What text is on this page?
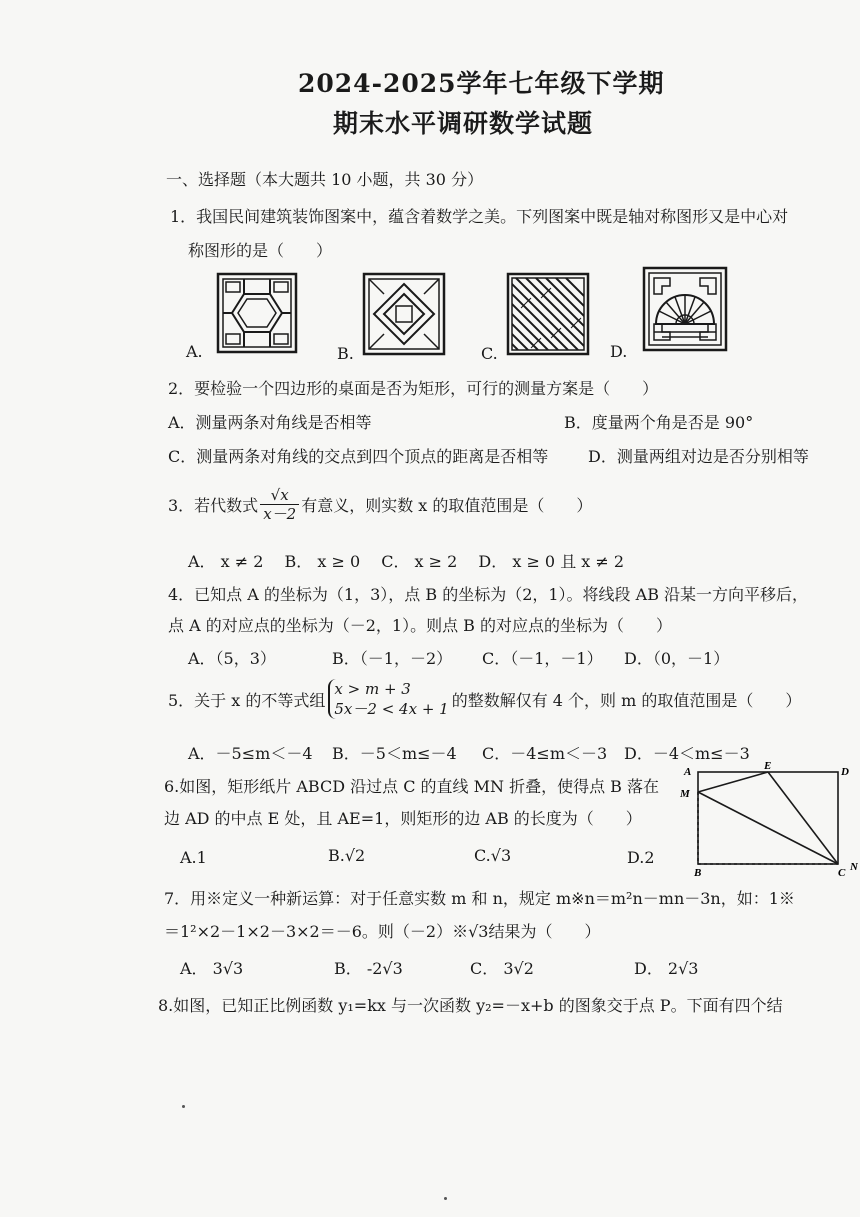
2024-2025学年七年级下学期
期末水平调研数学试题
一、选择题（本大题共 10 小题，共 30 分）
1．我国民间建筑装饰图案中，蕴含着数学之美。下列图案中既是轴对称图形又是中心对
称图形的是（　　）
A.	B.	C.	D.
2．要检验一个四边形的桌面是否为矩形，可行的测量方案是（　　）
A．测量两条对角线是否相等	B．度量两个角是否是 90°
C．测量两条对角线的交点到四个顶点的距离是否相等 D．测量两组对边是否分别相等
3．若代数式 $\frac{√x}{x-2}$ 有意义，则实数 x 的取值范围是（　　）
A． x ≠ 2　 B． x ≥ 0　 C． x ≥ 2　 D． x ≥ 0 且 x ≠ 2
4．已知点 A 的坐标为（1，3），点 B 的坐标为（2，1）。将线段 AB 沿某一方向平移后，
点 A 的对应点的坐标为（－2，1）。则点 B 的对应点的坐标为（　　）
A．（5，3）	B．（－1，－2） C．（－1，－1） D．（0，－1）
5．关于 x 的不等式组
x > m + 3
5x－2 < 4x + 1 的整数解仅有 4 个，则 m 的取值范围是（　　）
A．－5≤m＜－4 B．－5＜m≤－4 C．－4≤m＜－3 D．－4＜m≤－3
6.如图，矩形纸片 ABCD 沿过点 C 的直线 MN 折叠，使得点 B 落在
边 AD 的中点 E 处，且 AE=1，则矩形的边 AB 的长度为（　　）
A.1	B.√2	C.√3	D.2
A	E	D
M
B	C N
7．用※定义一种新运算：对于任意实数 m 和 n，规定 m※n＝m²n－mn－3n，如：1※
＝1²×2－1×2－3×2＝－6。则（－2）※√3结果为（　　）
A． 3√3	B． -2√3	C． 3√2	D． 2√3
8.如图，已知正比例函数 y₁=kx 与一次函数 y₂=－x+b 的图象交于点 P。下面有四个结
